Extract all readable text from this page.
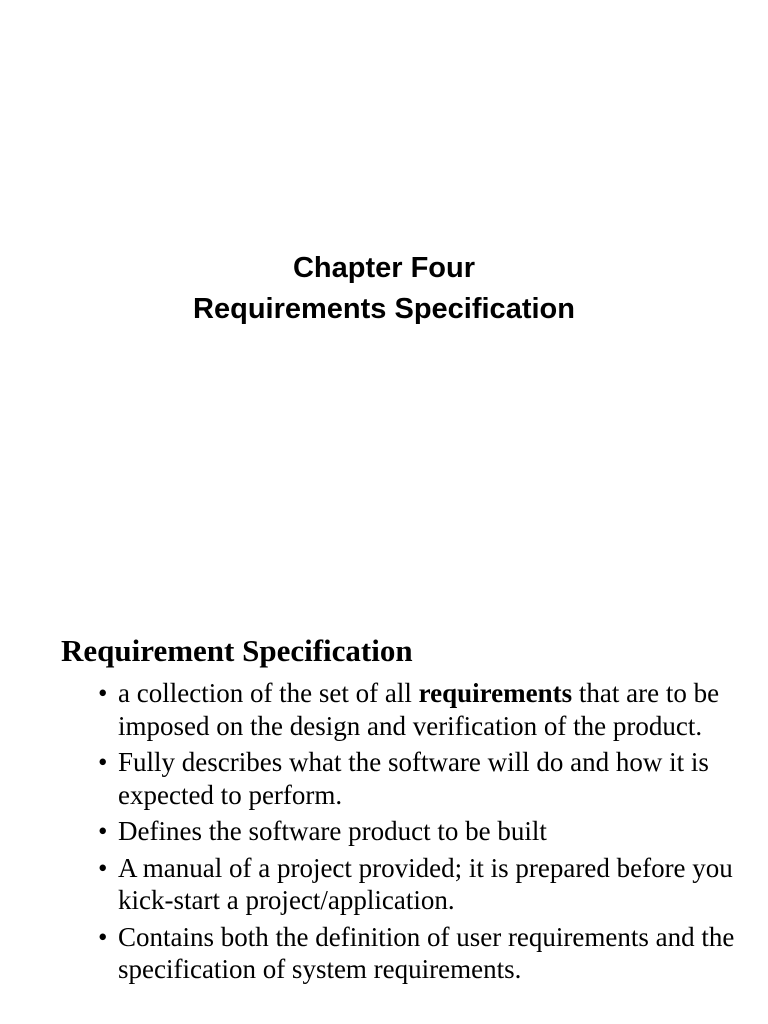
Chapter Four
Requirements Specification
Requirement Specification
• a collection of the set of all requirements that are to be imposed on the design and verification of the product.
• Fully describes what the software will do and how it is expected to perform.
• Defines the software product to be built
• A manual of a project provided; it is prepared before you kick-start a project/application.
• Contains both the definition of user requirements and the specification of system requirements.
